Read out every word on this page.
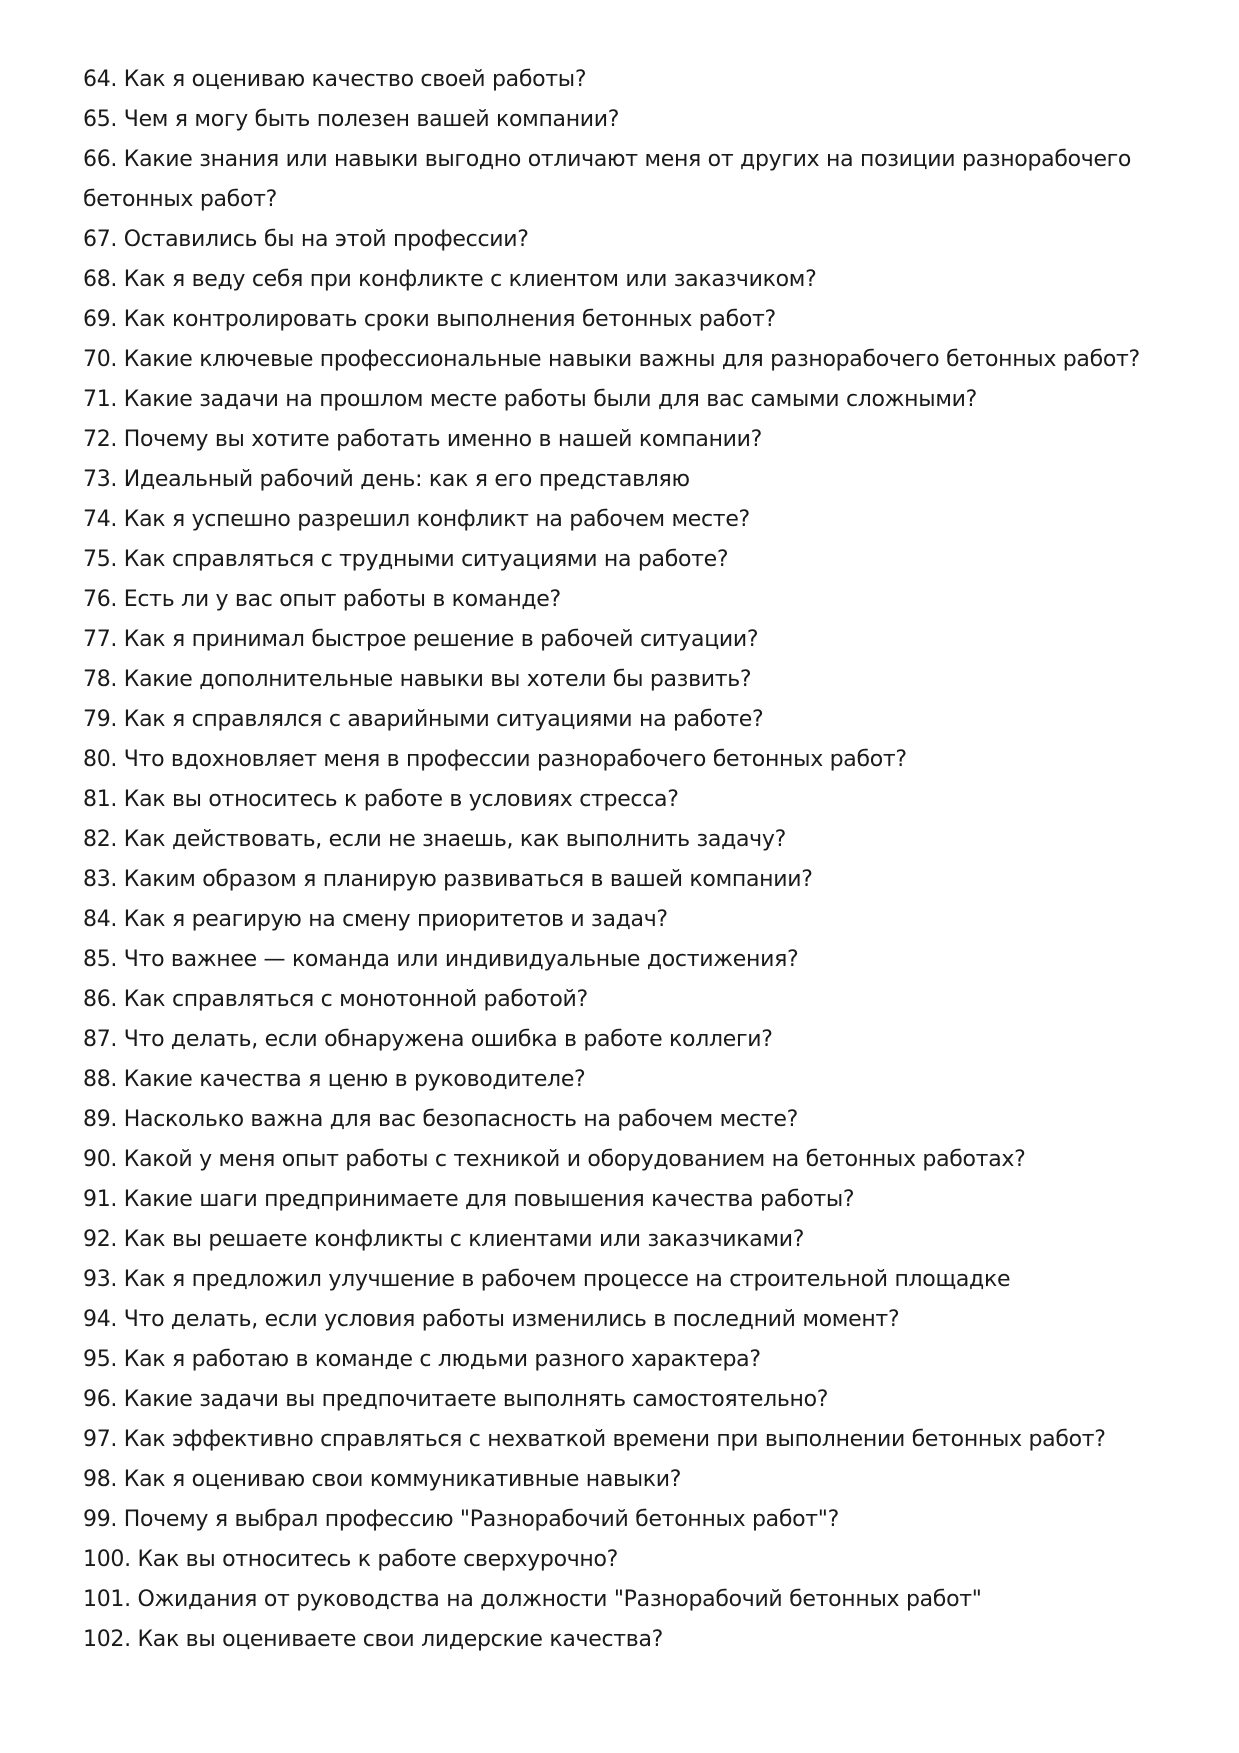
64. Как я оцениваю качество своей работы?
65. Чем я могу быть полезен вашей компании?
66. Какие знания или навыки выгодно отличают меня от других на позиции разнорабочего бетонных работ?
67. Оставились бы на этой профессии?
68. Как я веду себя при конфликте с клиентом или заказчиком?
69. Как контролировать сроки выполнения бетонных работ?
70. Какие ключевые профессиональные навыки важны для разнорабочего бетонных работ?
71. Какие задачи на прошлом месте работы были для вас самыми сложными?
72. Почему вы хотите работать именно в нашей компании?
73. Идеальный рабочий день: как я его представляю
74. Как я успешно разрешил конфликт на рабочем месте?
75. Как справляться с трудными ситуациями на работе?
76. Есть ли у вас опыт работы в команде?
77. Как я принимал быстрое решение в рабочей ситуации?
78. Какие дополнительные навыки вы хотели бы развить?
79. Как я справлялся с аварийными ситуациями на работе?
80. Что вдохновляет меня в профессии разнорабочего бетонных работ?
81. Как вы относитесь к работе в условиях стресса?
82. Как действовать, если не знаешь, как выполнить задачу?
83. Каким образом я планирую развиваться в вашей компании?
84. Как я реагирую на смену приоритетов и задач?
85. Что важнее — команда или индивидуальные достижения?
86. Как справляться с монотонной работой?
87. Что делать, если обнаружена ошибка в работе коллеги?
88. Какие качества я ценю в руководителе?
89. Насколько важна для вас безопасность на рабочем месте?
90. Какой у меня опыт работы с техникой и оборудованием на бетонных работах?
91. Какие шаги предпринимаете для повышения качества работы?
92. Как вы решаете конфликты с клиентами или заказчиками?
93. Как я предложил улучшение в рабочем процессе на строительной площадке
94. Что делать, если условия работы изменились в последний момент?
95. Как я работаю в команде с людьми разного характера?
96. Какие задачи вы предпочитаете выполнять самостоятельно?
97. Как эффективно справляться с нехваткой времени при выполнении бетонных работ?
98. Как я оцениваю свои коммуникативные навыки?
99. Почему я выбрал профессию "Разнорабочий бетонных работ"?
100. Как вы относитесь к работе сверхурочно?
101. Ожидания от руководства на должности "Разнорабочий бетонных работ"
102. Как вы оцениваете свои лидерские качества?
